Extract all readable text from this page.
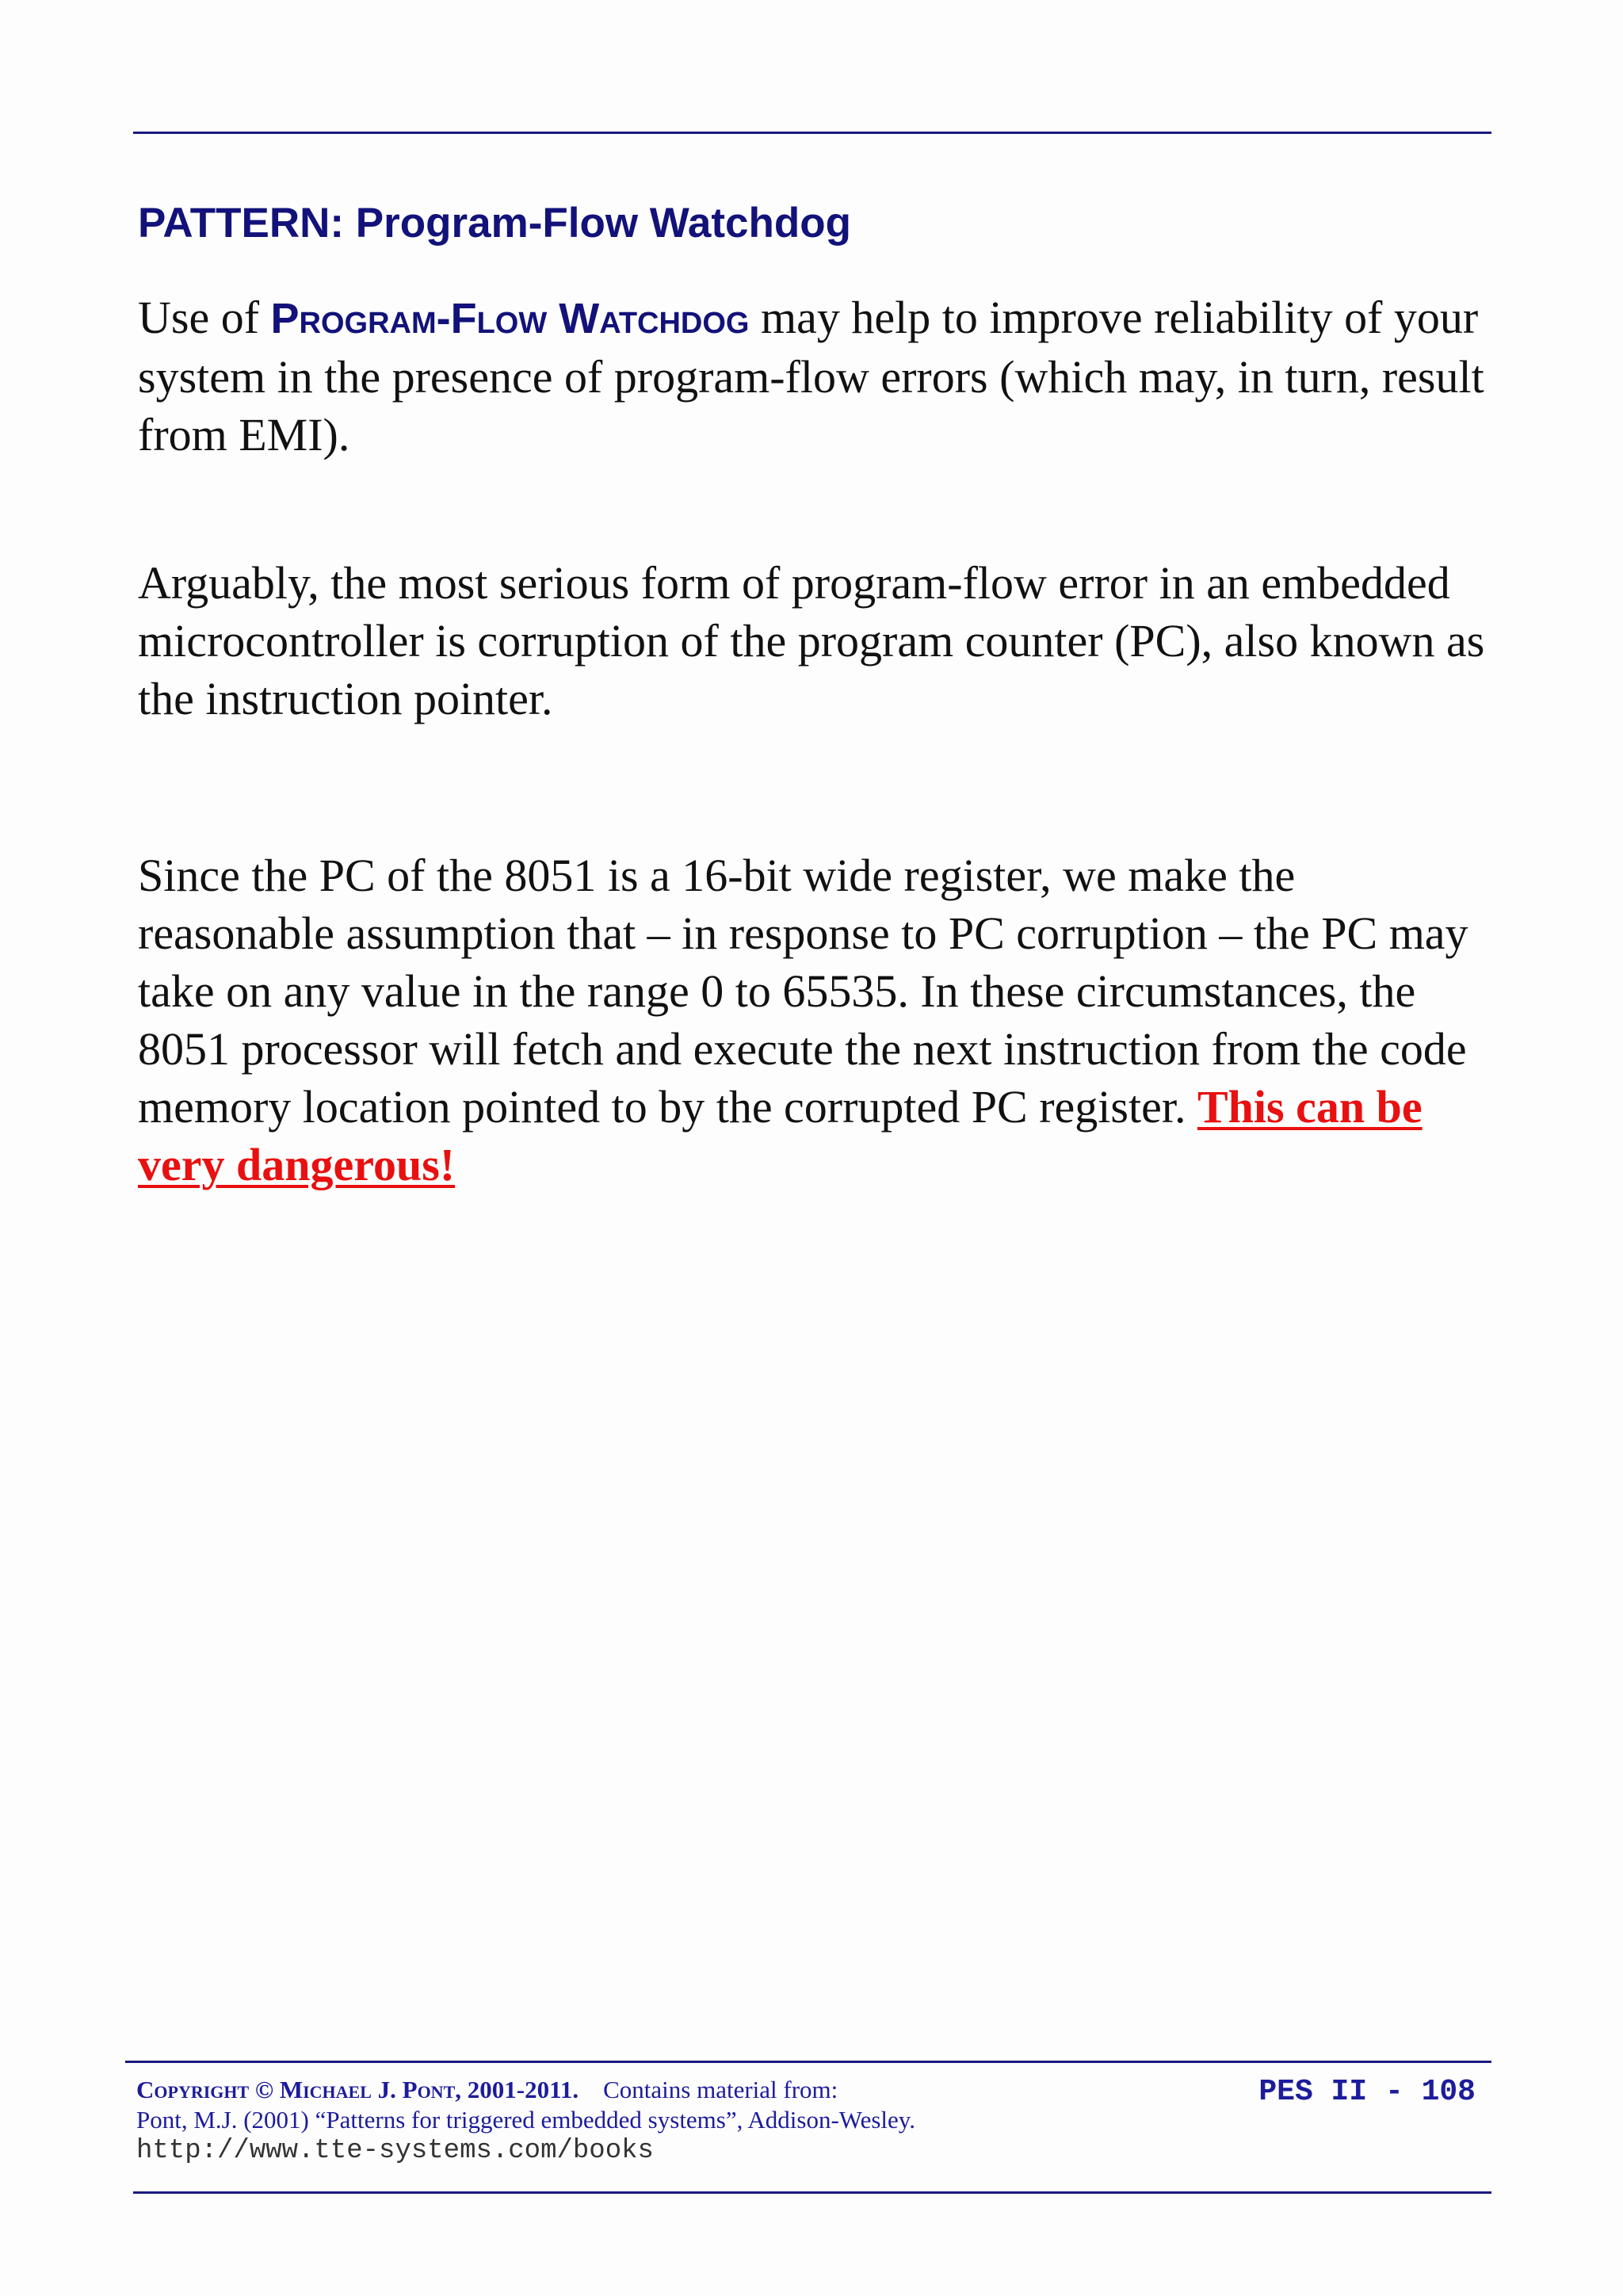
PATTERN: Program-Flow Watchdog

Use of Program-Flow Watchdog may help to improve reliability of your system in the presence of program-flow errors (which may, in turn, result from EMI).

Arguably, the most serious form of program-flow error in an embedded microcontroller is corruption of the program counter (PC), also known as the instruction pointer.

Since the PC of the 8051 is a 16-bit wide register, we make the reasonable assumption that – in response to PC corruption – the PC may take on any value in the range 0 to 65535. In these circumstances, the 8051 processor will fetch and execute the next instruction from the code memory location pointed to by the corrupted PC register. This can be very dangerous!

Copyright © Michael J. Pont, 2001-2011. Contains material from:
Pont, M.J. (2001) “Patterns for triggered embedded systems”, Addison-Wesley.
http://www.tte-systems.com/books
PES II - 108
